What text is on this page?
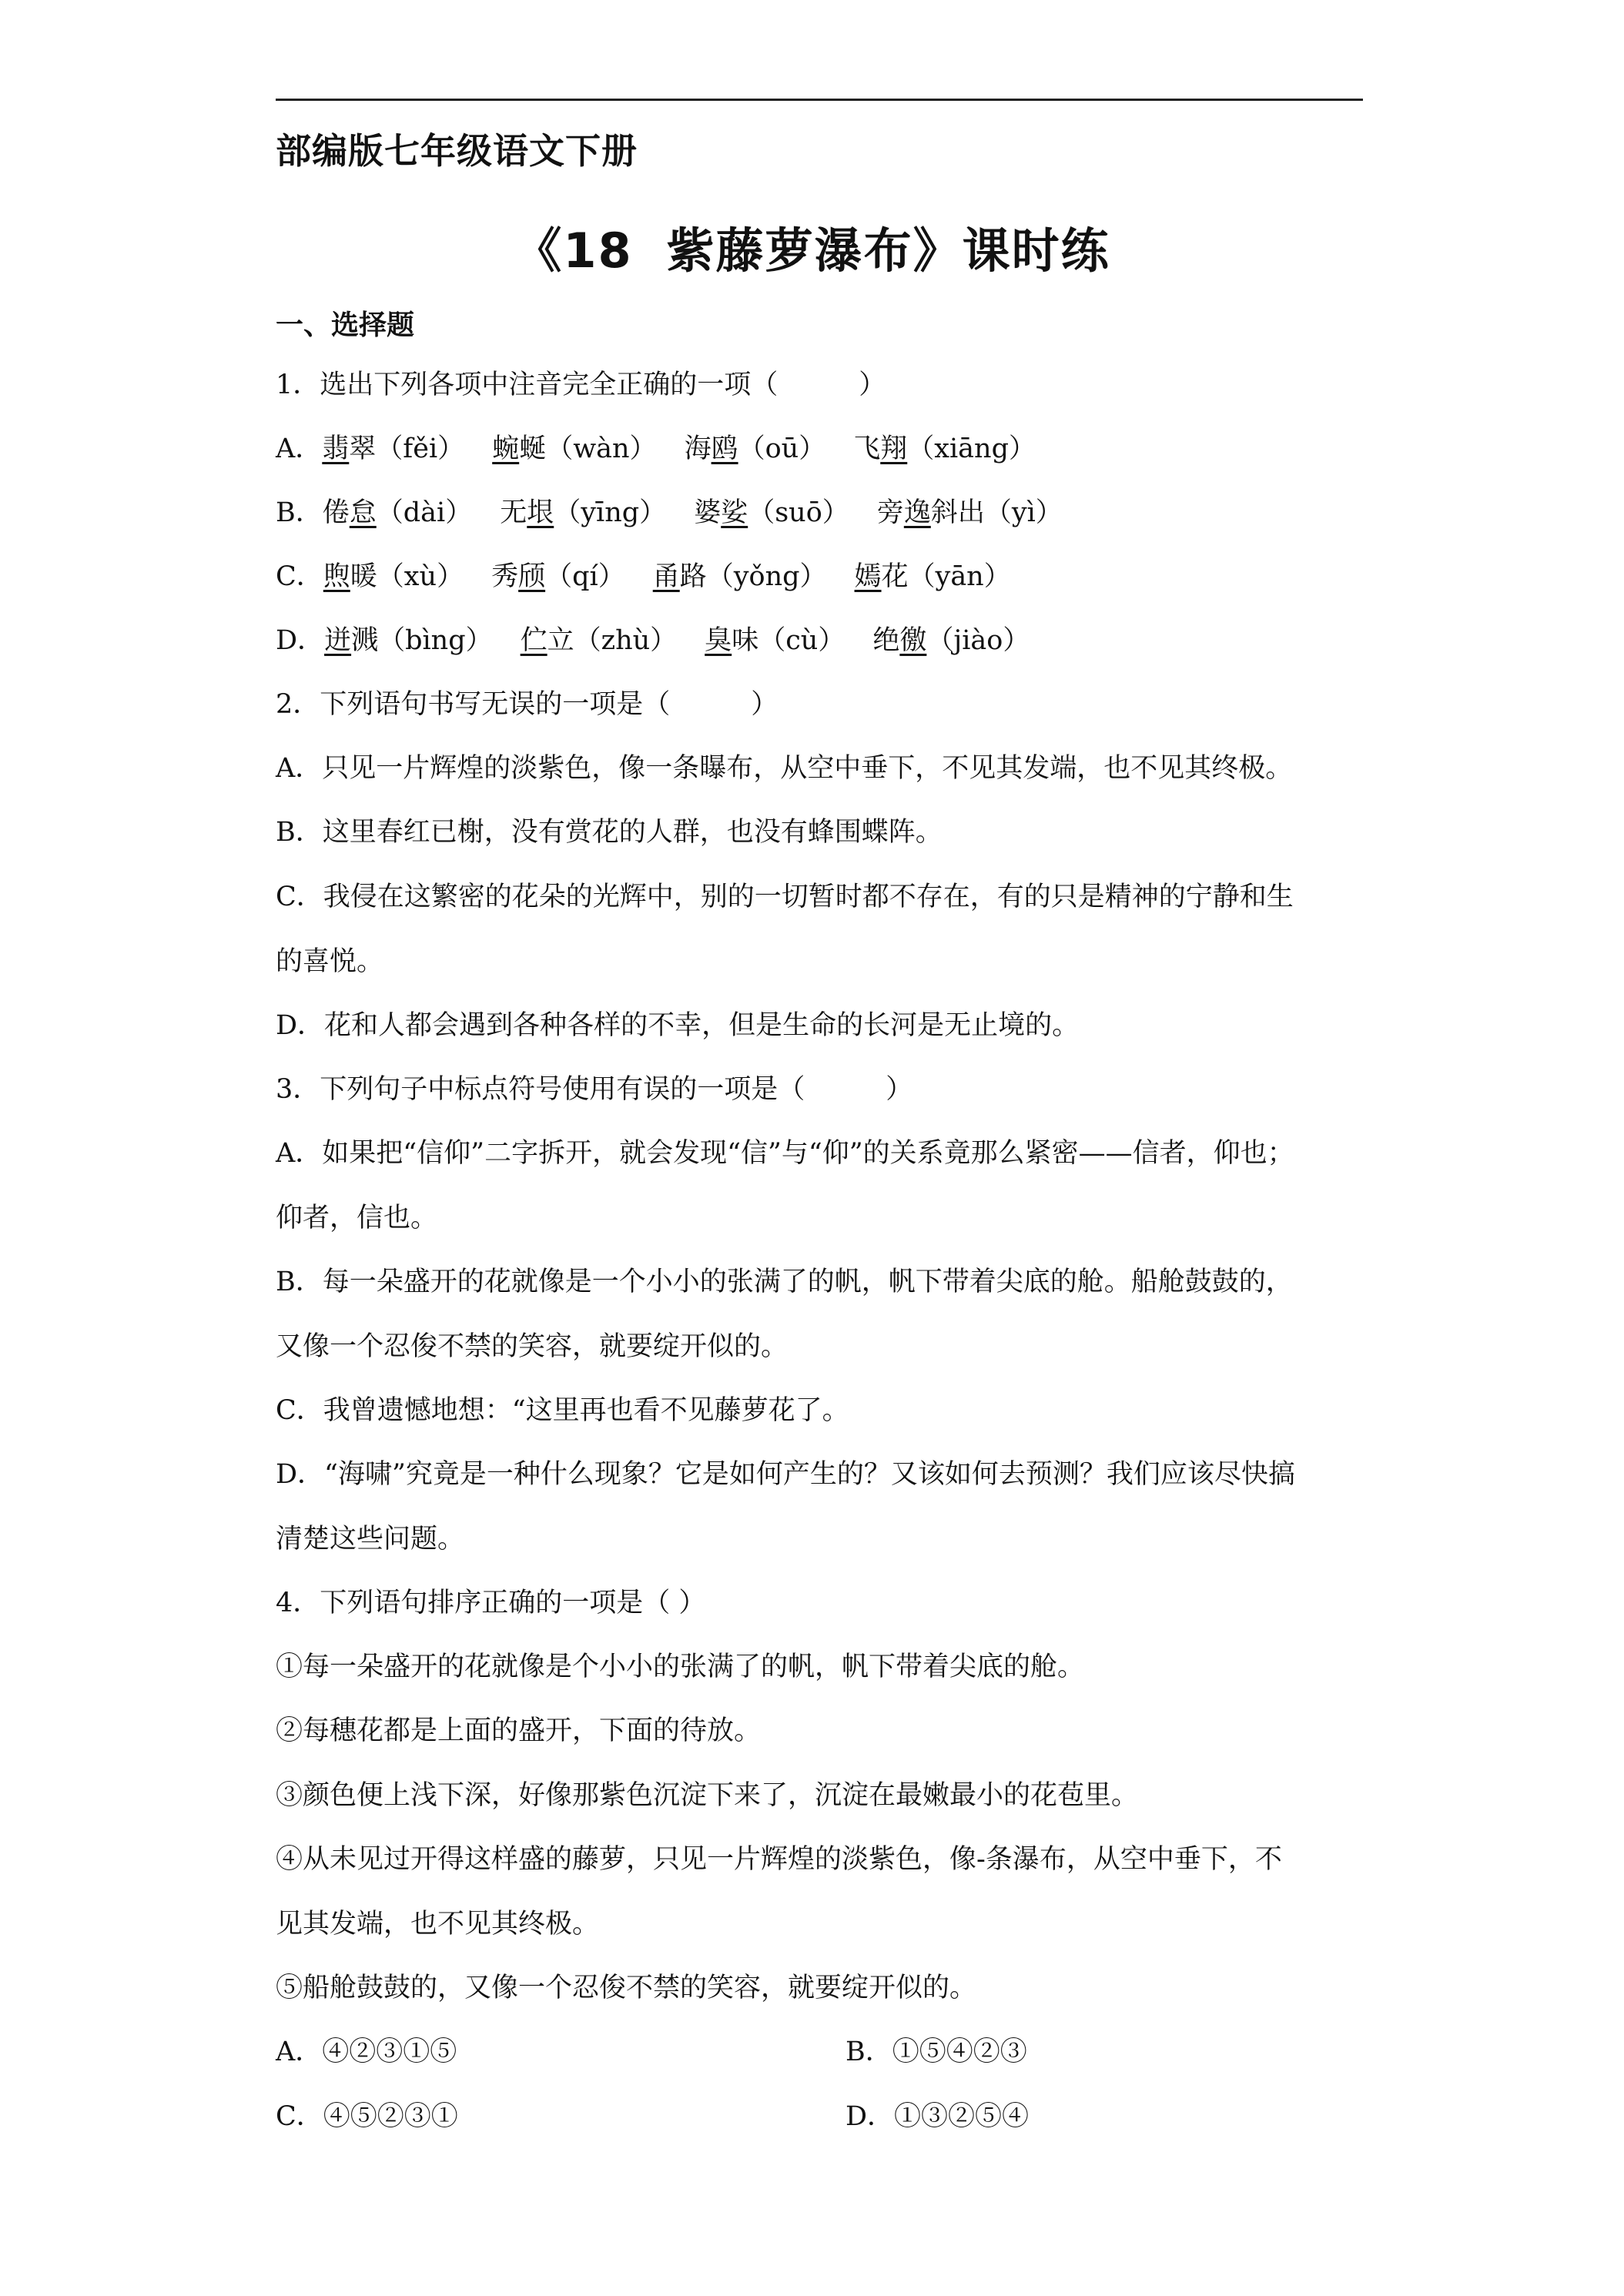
部编版七年级语文下册
《18 紫藤萝瀑布》课时练
一、选择题
1．选出下列各项中注音完全正确的一项（　　　）
A．翡翠（fěi） 蜿蜒（wàn） 海鸥（oū） 飞翔（xiāng）
B．倦怠（dài） 无垠（yīng） 婆娑（suō） 旁逸斜出（yì）
C．煦暖（xù） 秀颀（qí） 甬路（yǒng） 嫣花（yān）
D．迸溅（bìng） 伫立（zhù） 臭味（cù） 绝徼（jiào）
2．下列语句书写无误的一项是（　　　）
A．只见一片辉煌的淡紫色，像一条曝布，从空中垂下，不见其发端，也不见其终极。
B．这里春红已榭，没有赏花的人群，也没有蜂围蝶阵。
C．我侵在这繁密的花朵的光辉中，别的一切暂时都不存在，有的只是精神的宁静和生
的喜悦。
D．花和人都会遇到各种各样的不幸，但是生命的长河是无止境的。
3．下列句子中标点符号使用有误的一项是（　　　）
A．如果把“信仰”二字拆开，就会发现“信”与“仰”的关系竟那么紧密——信者，仰也；
仰者，信也。
B．每一朵盛开的花就像是一个小小的张满了的帆，帆下带着尖底的舱。船舱鼓鼓的，
又像一个忍俊不禁的笑容，就要绽开似的。
C．我曾遗憾地想：“这里再也看不见藤萝花了。
D．“海啸”究竟是一种什么现象？它是如何产生的？又该如何去预测？我们应该尽快搞
清楚这些问题。
4．下列语句排序正确的一项是（ ）
①每一朵盛开的花就像是个小小的张满了的帆，帆下带着尖底的舱。
②每穗花都是上面的盛开，下面的待放。
③颜色便上浅下深，好像那紫色沉淀下来了，沉淀在最嫩最小的花苞里。
④从未见过开得这样盛的藤萝，只见一片辉煌的淡紫色，像-条瀑布，从空中垂下，不
见其发端，也不见其终极。
⑤船舱鼓鼓的，又像一个忍俊不禁的笑容，就要绽开似的。
A．④②③①⑤	B．①⑤④②③
C．④⑤②③①	D．①③②⑤④
